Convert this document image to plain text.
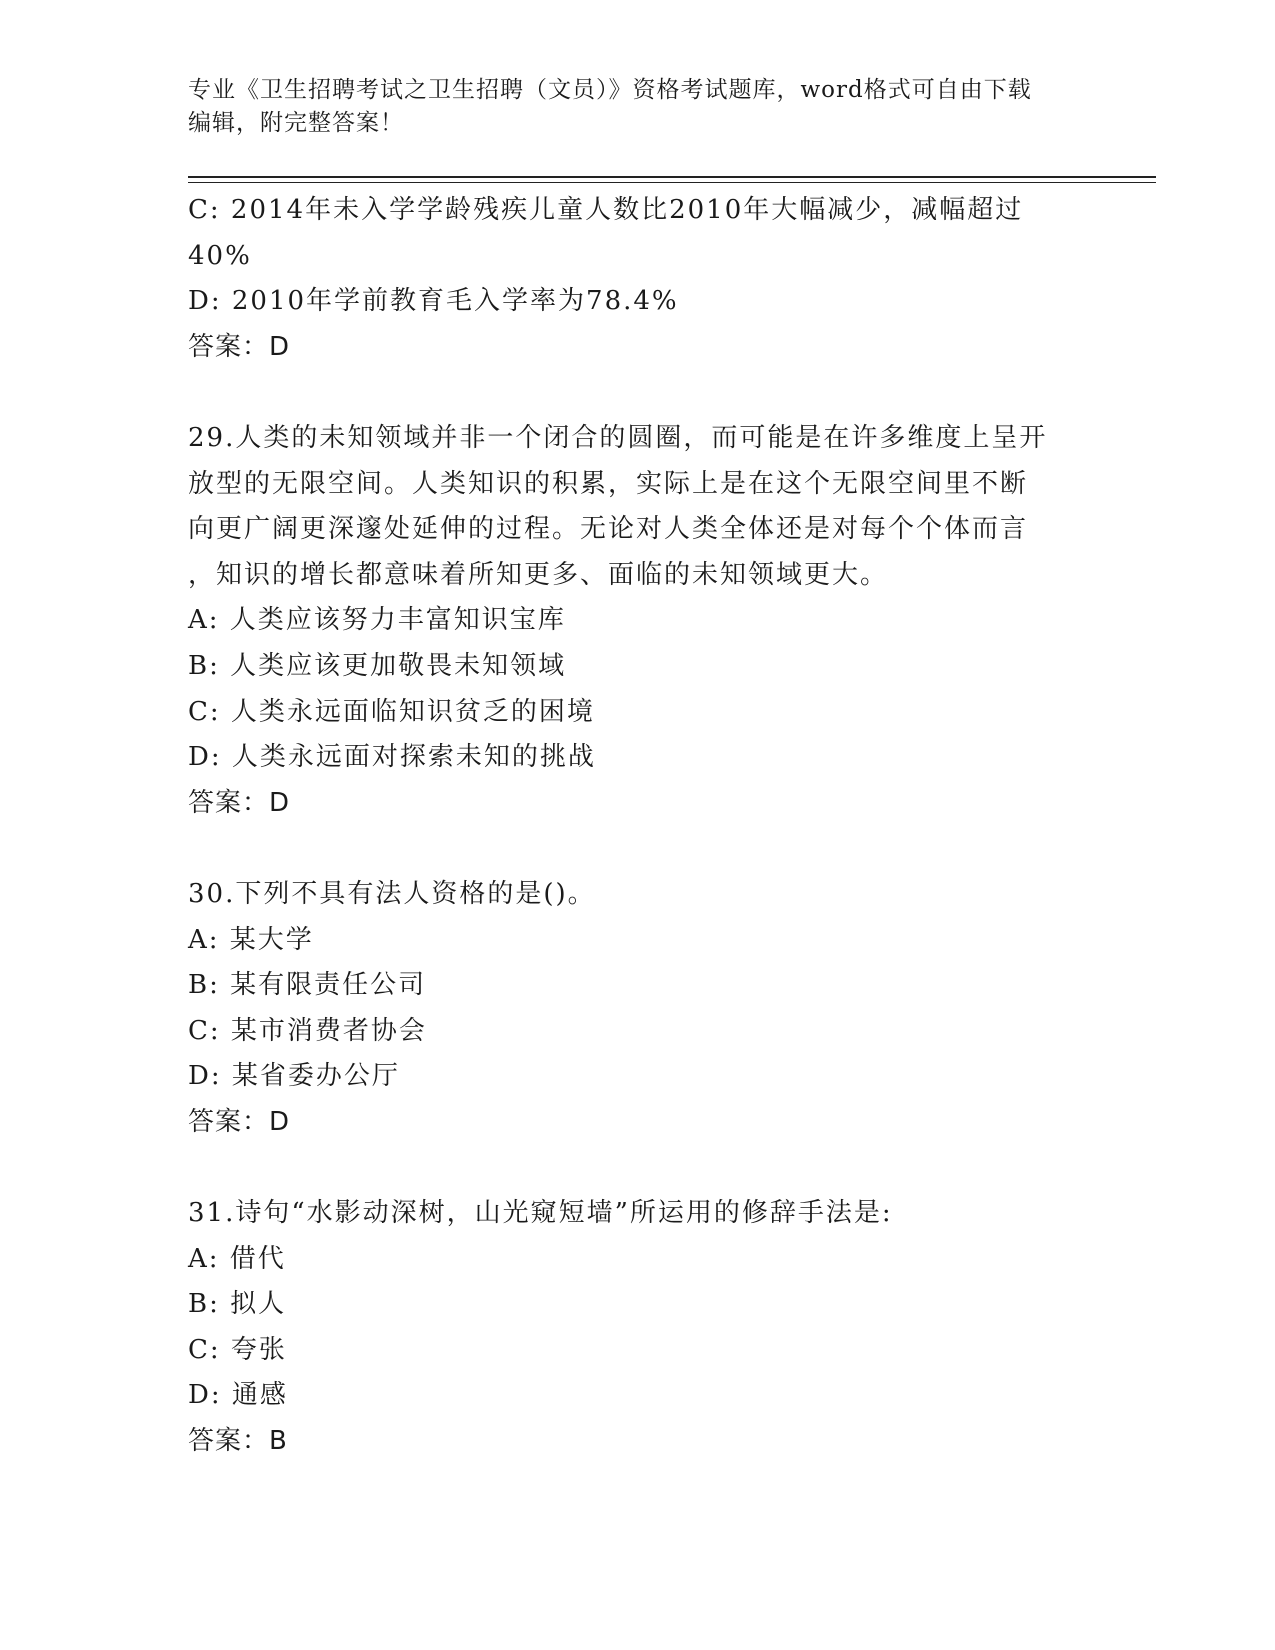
专业《卫生招聘考试之卫生招聘（文员）》资格考试题库，word格式可自由下载
编辑，附完整答案！
C: 2014年未入学学龄残疾儿童人数比2010年大幅减少，减幅超过
40%
D: 2010年学前教育毛入学率为78.4%
答案：D
29.人类的未知领域并非一个闭合的圆圈，而可能是在许多维度上呈开
放型的无限空间。人类知识的积累，实际上是在这个无限空间里不断
向更广阔更深邃处延伸的过程。无论对人类全体还是对每个个体而言
，知识的增长都意味着所知更多、面临的未知领域更大。
A: 人类应该努力丰富知识宝库
B: 人类应该更加敬畏未知领域
C: 人类永远面临知识贫乏的困境
D: 人类永远面对探索未知的挑战
答案：D
30.下列不具有法人资格的是()。
A: 某大学
B: 某有限责任公司
C: 某市消费者协会
D: 某省委办公厅
答案：D
31.诗句“水影动深树，山光窥短墙”所运用的修辞手法是:
A: 借代
B: 拟人
C: 夸张
D: 通感
答案：B
